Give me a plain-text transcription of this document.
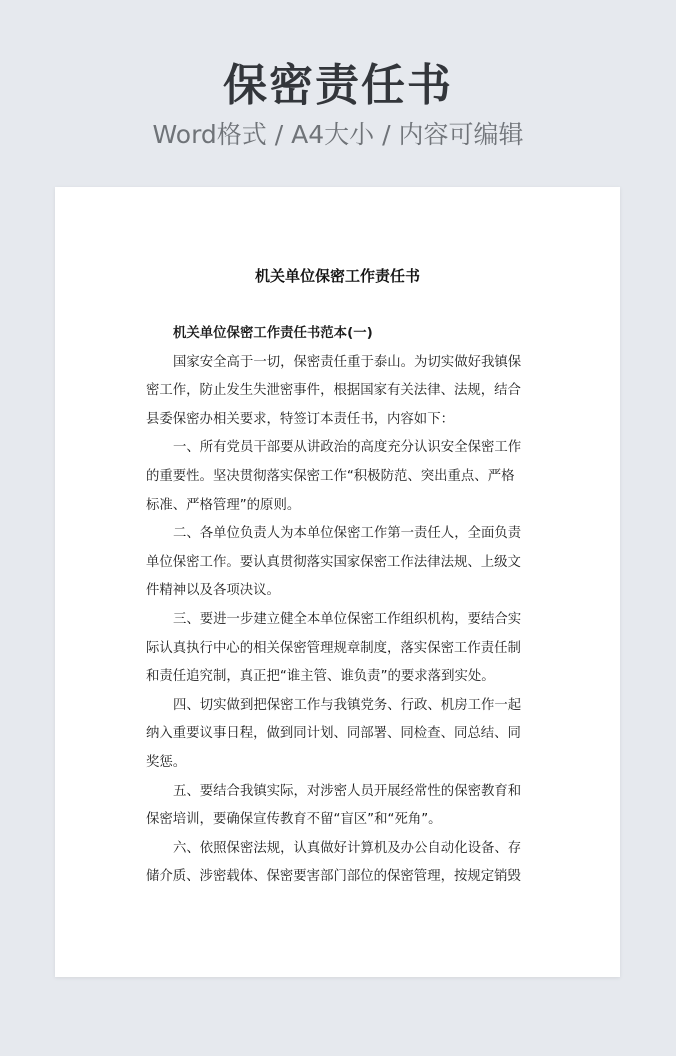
保密责任书
Word格式 / A4大小 / 内容可编辑
机关单位保密工作责任书
机关单位保密工作责任书范本(一)
国家安全高于一切，保密责任重于泰山。为切实做好我镇保
密工作，防止发生失泄密事件，根据国家有关法律、法规，结合
县委保密办相关要求，特签订本责任书，内容如下：
一、所有党员干部要从讲政治的高度充分认识安全保密工作
的重要性。坚决贯彻落实保密工作“积极防范、突出重点、严格
标准、严格管理”的原则。
二、各单位负责人为本单位保密工作第一责任人，全面负责
单位保密工作。要认真贯彻落实国家保密工作法律法规、上级文
件精神以及各项决议。
三、要进一步建立健全本单位保密工作组织机构，要结合实
际认真执行中心的相关保密管理规章制度，落实保密工作责任制
和责任追究制，真正把“谁主管、谁负责”的要求落到实处。
四、切实做到把保密工作与我镇党务、行政、机房工作一起
纳入重要议事日程，做到同计划、同部署、同检查、同总结、同
奖惩。
五、要结合我镇实际，对涉密人员开展经常性的保密教育和
保密培训，要确保宣传教育不留“盲区”和“死角”。
六、依照保密法规，认真做好计算机及办公自动化设备、存
储介质、涉密载体、保密要害部门部位的保密管理，按规定销毁
